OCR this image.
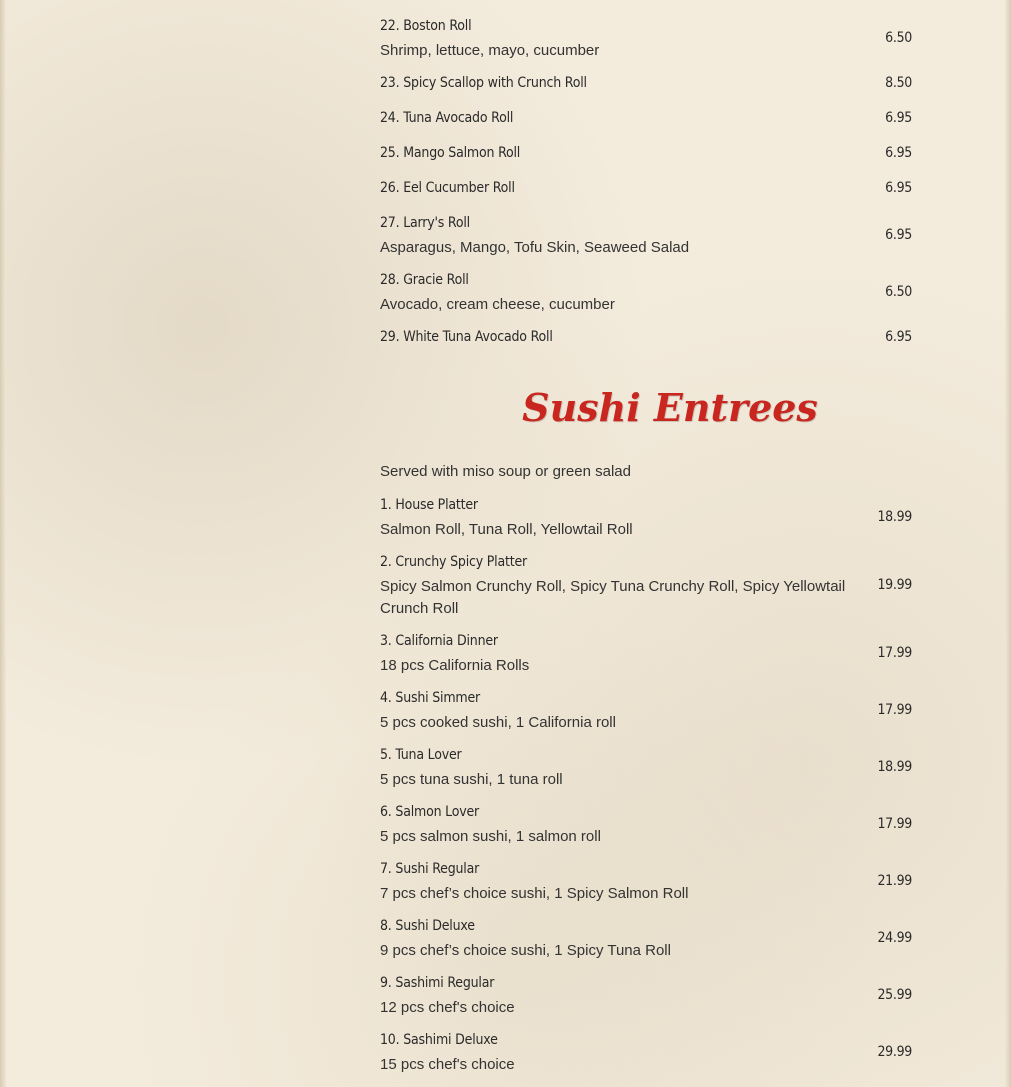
22. Boston Roll
Shrimp, lettuce, mayo, cucumber
6.50
23. Spicy Scallop with Crunch Roll	8.50
24. Tuna Avocado Roll	6.95
25. Mango Salmon Roll	6.95
26. Eel Cucumber Roll	6.95
27. Larry's Roll
Asparagus, Mango, Tofu Skin, Seaweed Salad
6.95
28. Gracie Roll
Avocado, cream cheese, cucumber
6.50
29. White Tuna Avocado Roll	6.95
Sushi Entrees
Served with miso soup or green salad
1. House Platter
Salmon Roll, Tuna Roll, Yellowtail Roll
18.99
2. Crunchy Spicy Platter
Spicy Salmon Crunchy Roll, Spicy Tuna Crunchy Roll, Spicy Yellowtail Crunch Roll
19.99
3. California Dinner
18 pcs California Rolls
17.99
4. Sushi Simmer
5 pcs cooked sushi, 1 California roll
17.99
5. Tuna Lover
5 pcs tuna sushi, 1 tuna roll
18.99
6. Salmon Lover
5 pcs salmon sushi, 1 salmon roll
17.99
7. Sushi Regular
7 pcs chef’s choice sushi, 1 Spicy Salmon Roll
21.99
8. Sushi Deluxe
9 pcs chef’s choice sushi, 1 Spicy Tuna Roll
24.99
9. Sashimi Regular
12 pcs chef's choice
25.99
10. Sashimi Deluxe
15 pcs chef's choice
29.99
